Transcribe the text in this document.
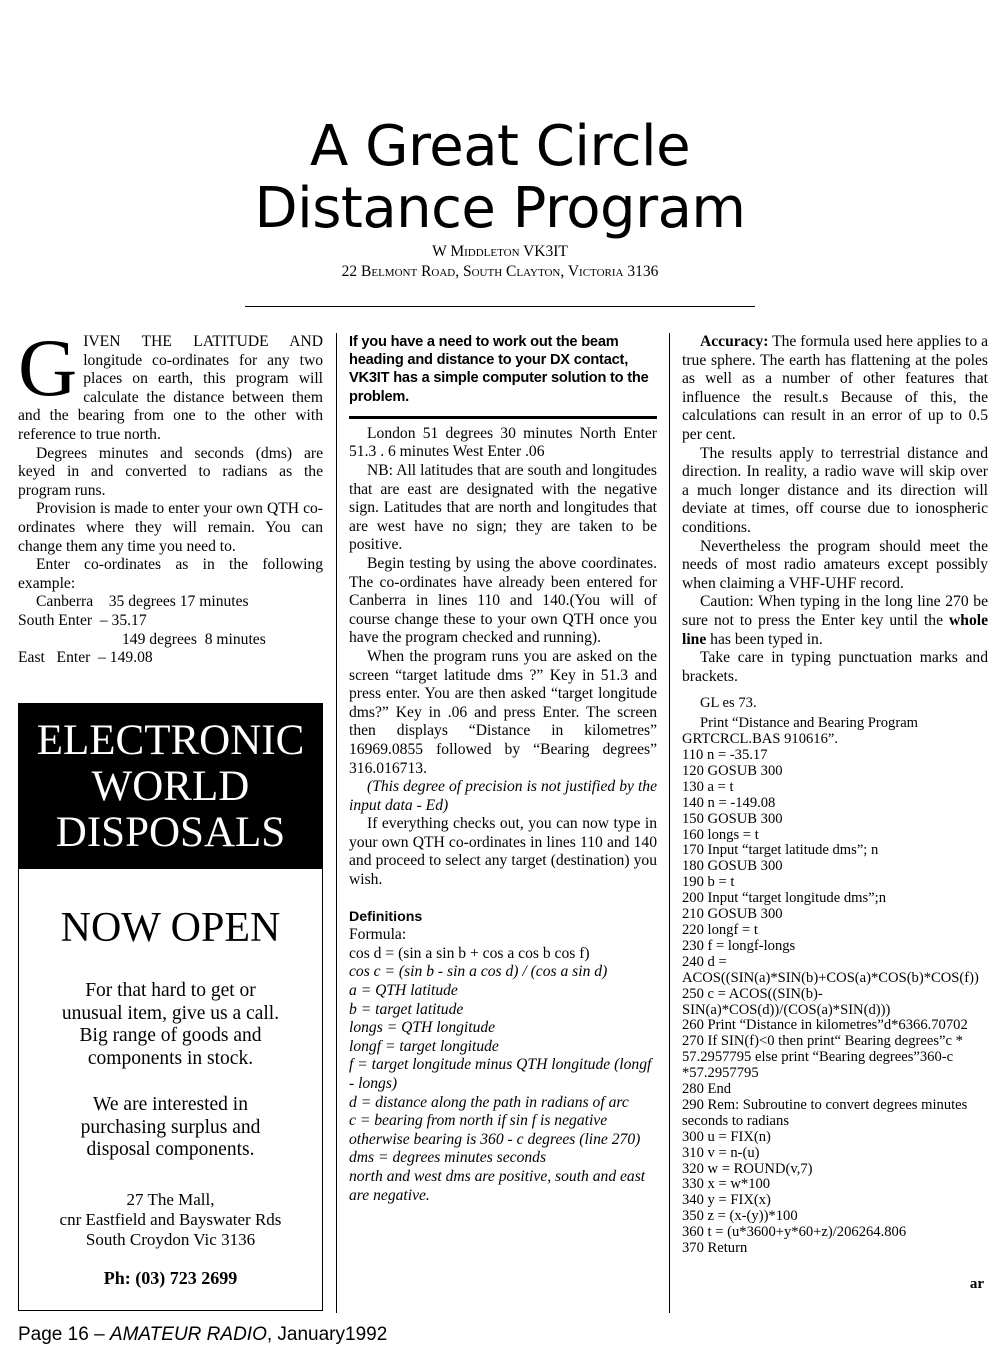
A Great Circle
Distance Program
W Middleton VK3IT
22 Belmont Road, South Clayton, Victoria 3136

GIVEN THE LATITUDE AND longitude co-ordinates for any two places on earth, this program will calculate the distance between them and the bearing from one to the other with reference to true north.

Degrees minutes and seconds (dms) are keyed in and converted to radians as the program runs.

Provision is made to enter your own QTH co-ordinates where they will remain. You can change them any time you need to.

Enter co-ordinates as in the following example:

Canberra    35 degrees 17 minutes
South Enter  – 35.17
149 degrees  8 minutes
East   Enter  – 149.08
ELECTRONIC
WORLD
DISPOSALS
NOW OPEN
For that hard to get or unusual item, give us a call. Big range of goods and components in stock.
We are interested in purchasing surplus and disposal components.
27 The Mall,
cnr Eastfield and Bayswater Rds
South Croydon Vic 3136
Ph: (03) 723 2699
If you have a need to work out the beam heading and distance to your DX contact, VK3IT has a simple computer solution to the problem.

London 51 degrees 30 minutes North Enter 51.3 . 6 minutes West Enter .06

NB: All latitudes that are south and longitudes that are east are designated with the negative sign. Latitudes that are north and longitudes that are west have no sign; they are taken to be positive.

Begin testing by using the above coordinates. The co-ordinates have already been entered for Canberra in lines 110 and 140.(You will of course change these to your own QTH once you have the program checked and running).

When the program runs you are asked on the screen “target latitude dms ?” Key in 51.3 and press enter. You are then asked “target longitude dms?” Key in .06 and press Enter. The screen then displays “Distance in kilometres” 16969.0855 followed by “Bearing degrees” 316.016713.

(This degree of precision is not justified by the input data - Ed)

If everything checks out, you can now type in your own QTH co-ordinates in lines 110 and 140 and proceed to select any target (destination) you wish.

Definitions
Formula:
cos d = (sin a sin b + cos a cos b cos f)
cos c = (sin b - sin a cos d) / (cos a sin d)
a = QTH latitude
b = target latitude
longs = QTH longitude
longf = target longitude
f = target longitude minus QTH longitude (longf - longs)
d = distance along the path in radians of arc
c = bearing from north if sin f is negative otherwise bearing is 360 - c degrees (line 270)
dms = degrees minutes seconds
north and west dms are positive, south and east are negative.

Accuracy: The formula used here applies to a true sphere. The earth has flattening at the poles as well as a number of other features that influence the result.s Because of this, the calculations can result in an error of up to 0.5 per cent.

The results apply to terrestrial distance and direction. In reality, a radio wave will skip over a much longer distance and its direction will deviate at times, off course due to ionospheric conditions.

Nevertheless the program should meet the needs of most radio amateurs except possibly when claiming a VHF-UHF record.

Caution: When typing in the long line 270 be sure not to press the Enter key until the whole line has been typed in.

Take care in typing punctuation marks and brackets.

GL es 73.
Print “Distance and Bearing Program GRTCRCL.BAS 910616”.
110 n = -35.17
120 GOSUB 300
130 a = t
140 n = -149.08
150 GOSUB 300
160 longs = t
170 Input “target latitude dms”; n
180 GOSUB 300
190 b = t
200 Input “target longitude dms”;n
210 GOSUB 300
220 longf = t
230 f = longf-longs
240 d = ACOS((SIN(a)*SIN(b)+COS(a)*COS(b)*COS(f))
250 c = ACOS((SIN(b)-SIN(a)*COS(d))/(COS(a)*SIN(d)))
260 Print “Distance in kilometres”d*6366.70702
270 If SIN(f)<0 then print“ Bearing degrees”c * 57.2957795 else print “Bearing degrees”360-c *57.2957795
280 End
290 Rem: Subroutine to convert degrees minutes seconds to radians
300 u = FIX(n)
310 v = n-(u)
320 w = ROUND(v,7)
330 x = w*100
340 y = FIX(x)
350 z = (x-(y))*100
360 t = (u*3600+y*60+z)/206264.806
370 Return
ar
Page 16 – AMATEUR RADIO, January1992
